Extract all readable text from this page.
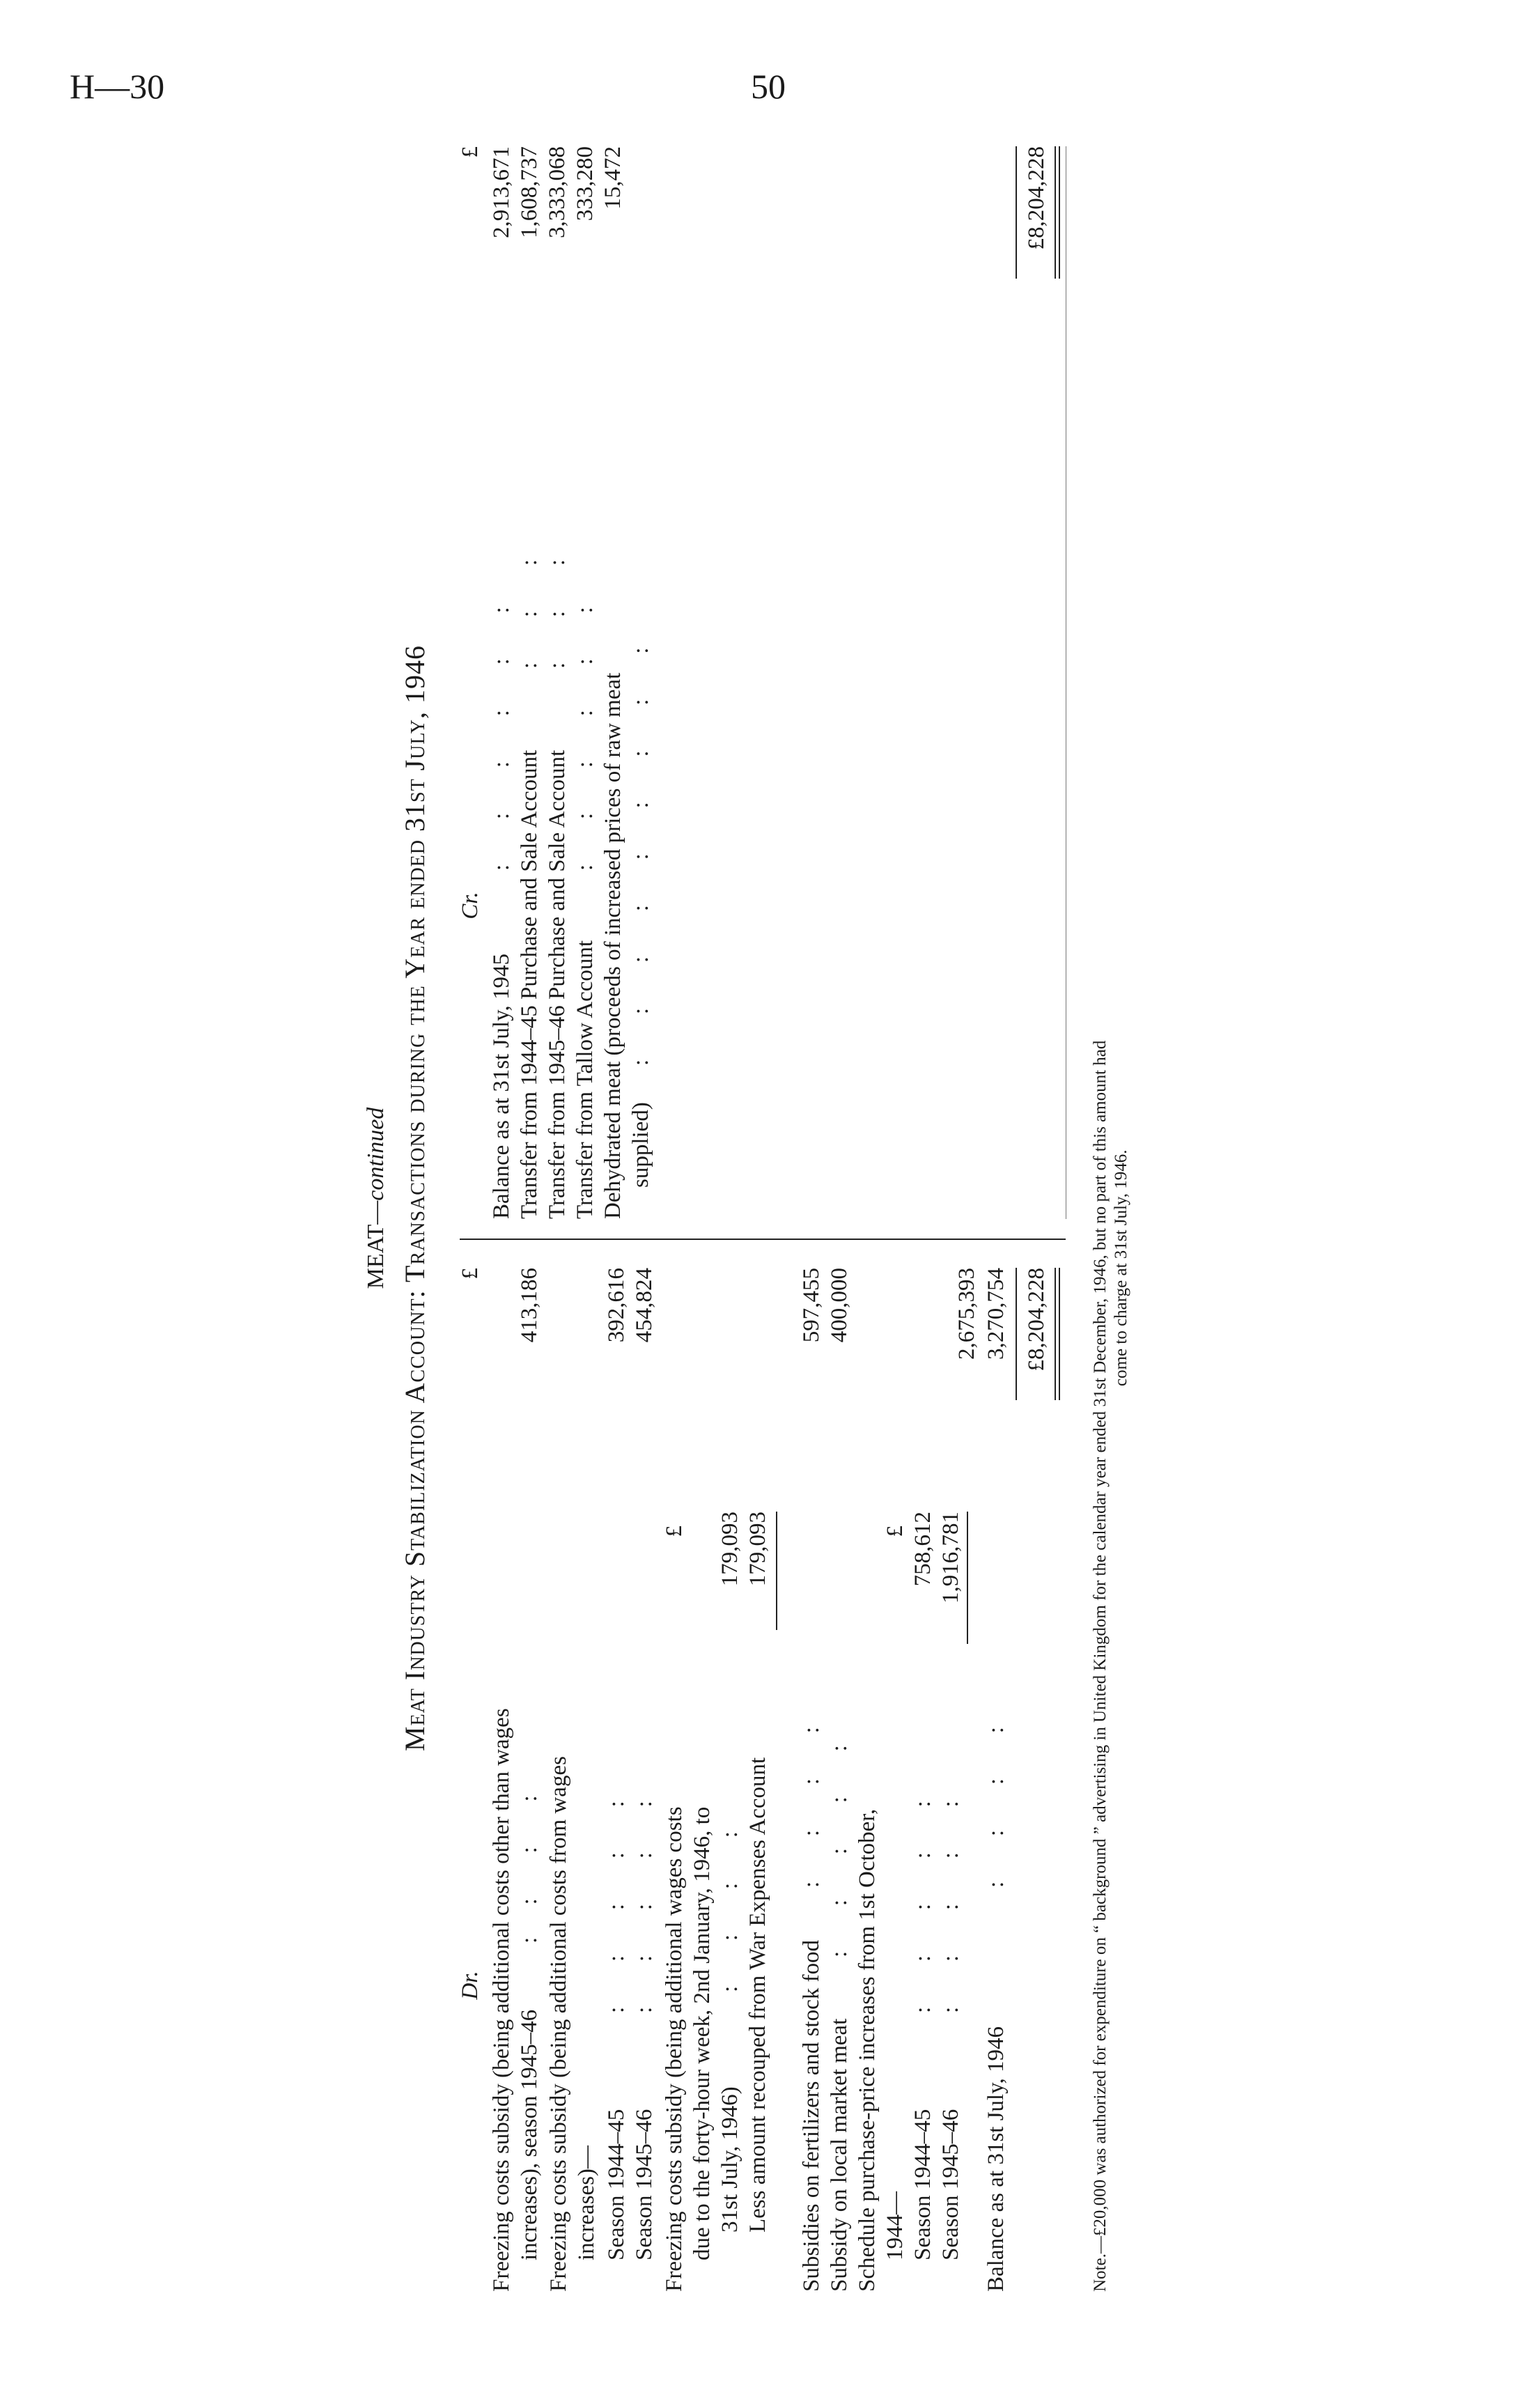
H—30	50
MEAT—continued Meat Industry Stabilization Account: Transactions during the Year ended 31st July, 1946
Dr.
£
Freezing costs subsidy (being additional costs other than wages increases), season 1945–46
:  :   :   :
413,186
Freezing costs subsidy (being additional costs from wages increases)— Season 1944–45
:   :   :   :   :
392,616
Season 1945–46
:   :   :   :   :
454,824
Freezing costs subsidy (being additional wages costs
£
due to the forty-hour week, 2nd January, 1946, to 31st July, 1946)
:   :   :   :
179,093
Less amount recouped from War Expenses Account
179,093
Subsidies on fertilizers and stock food
:   :   :   :
597,455
Subsidy on local market meat
:   :   :   :   :
400,000
Schedule purchase-price increases from 1st October, 1944—
£
Season 1944–45
:   :   :   :   :
758,612
Season 1945–46
:   :   :   :   :
1,916,781
2,675,393
Balance as at 31st July, 1946
:   :   :   :
3,270,754 £8,204,228
Cr.
£
Balance as at 31st July, 1945
:   :   :   :   :   :
2,913,671
Transfer from 1944–45 Purchase and Sale Account
:   :   :
1,608,737
Transfer from 1945–46 Purchase and Sale Account
:   :   :
3,333,068
Transfer from Tallow Account
:   :   :   :   :   :
333,280
Dehydrated meat (proceeds of increased prices of raw meat supplied)
:   :   :   :   :   :   :   :   :
15,472	£8,204,228
Note.—£20,000 was authorized for expenditure on “ background ” advertising in United Kingdom for the calendar year ended 31st December, 1946, but no part of this amount had come to charge at 31st July, 1946.
